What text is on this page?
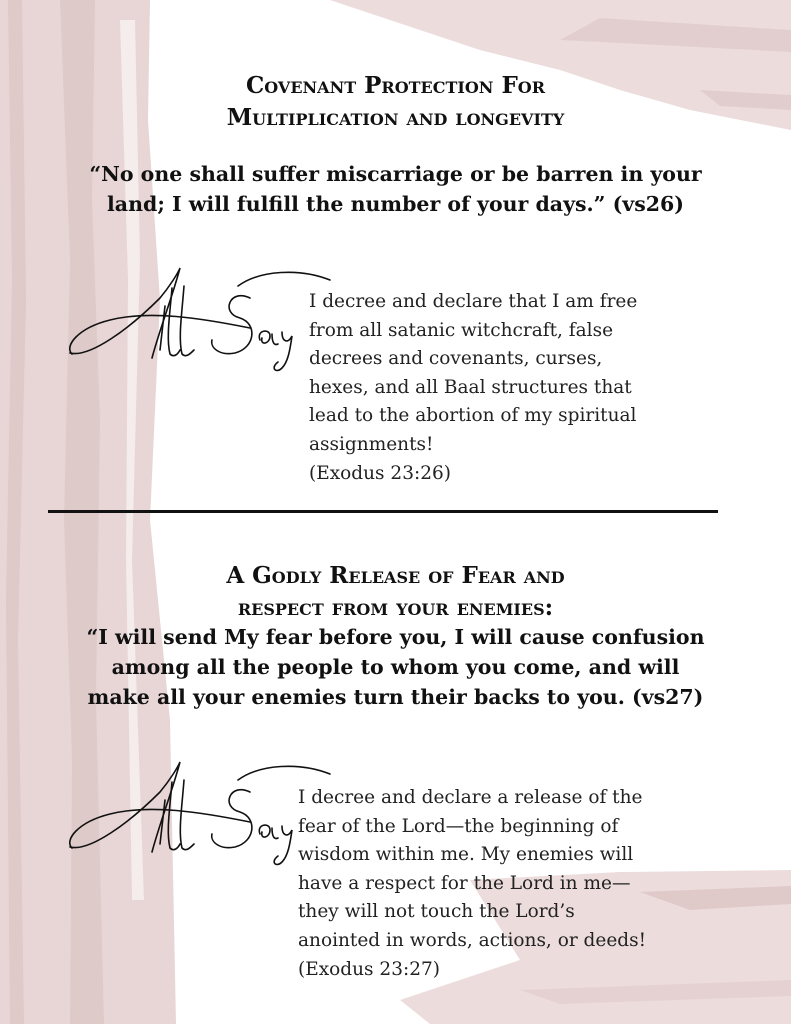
Covenant Protection For
Multiplication and longevity
“No one shall suffer miscarriage or be barren in your
land; I will fulfill the number of your days.” (vs26)
I decree and declare that I am free
from all satanic witchcraft, false
decrees and covenants, curses,
hexes, and all Baal structures that
lead to the abortion of my spiritual
assignments!
(Exodus 23:26)
A Godly Release of Fear and
respect from your enemies:
“I will send My fear before you, I will cause confusion
among all the people to whom you come, and will
make all your enemies turn their backs to you. (vs27)
I decree and declare a release of the
fear of the Lord—the beginning of
wisdom within me. My enemies will
have a respect for the Lord in me—
they will not touch the Lord’s
anointed in words, actions, or deeds!
(Exodus 23:27)
